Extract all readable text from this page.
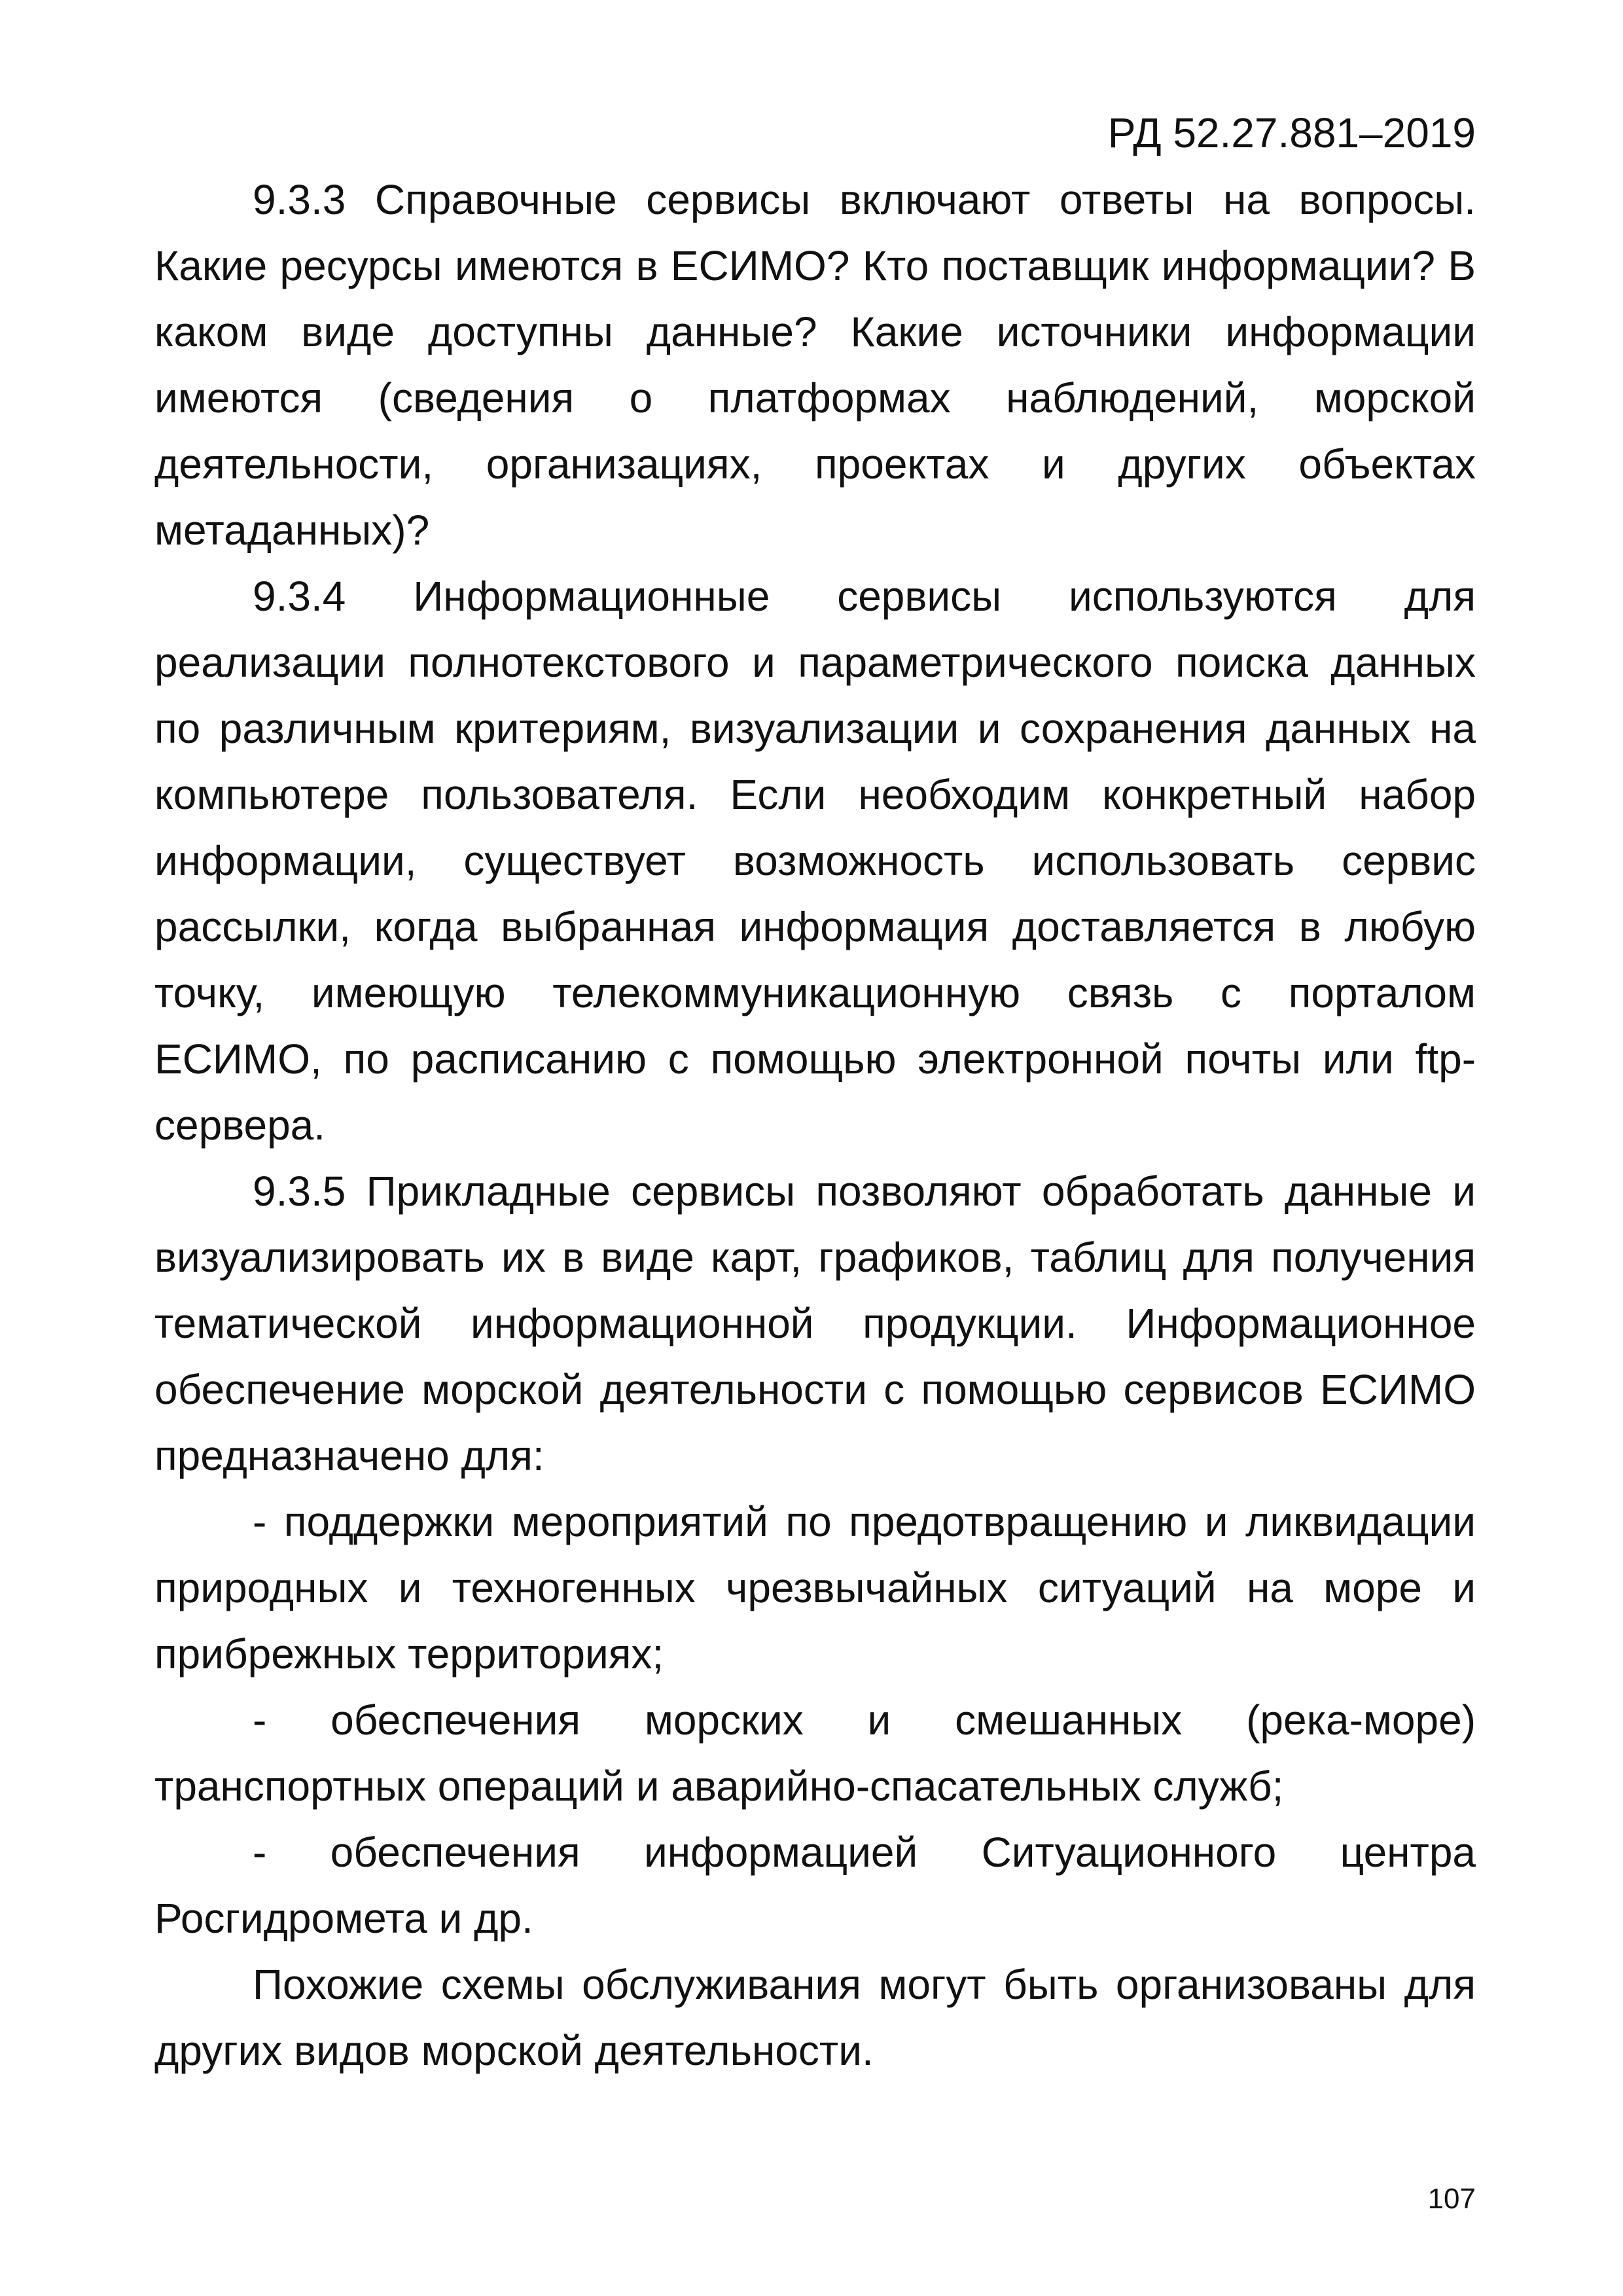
РД 52.27.881–2019

9.3.3 Справочные сервисы включают ответы на вопросы. Какие ресурсы имеются в ЕСИМО? Кто поставщик информации? В каком виде доступны данные? Какие источники информации имеются (сведения о платформах наблюдений, морской деятельности, организациях, проектах и других объектах метаданных)?

9.3.4 Информационные сервисы используются для реализации полнотекстового и параметрического поиска данных по различным критериям, визуализации и сохранения данных на компьютере пользователя. Если необходим конкретный набор информации, существует возможность использовать сервис рассылки, когда выбранная информация доставляется в любую точку, имеющую телекоммуникационную связь с порталом ЕСИМО, по расписанию с помощью электронной почты или ftp-сервера.

9.3.5 Прикладные сервисы позволяют обработать данные и визуализировать их в виде карт, графиков, таблиц для получения тематической информационной продукции. Информационное обеспечение морской деятельности с помощью сервисов ЕСИМО предназначено для:

- поддержки мероприятий по предотвращению и ликвидации природных и техногенных чрезвычайных ситуаций на море и прибрежных территориях;

- обеспечения морских и смешанных (река-море) транспортных операций и аварийно-спасательных служб;

- обеспечения информацией Ситуационного центра Росгидромета и др.

Похожие схемы обслуживания могут быть организованы для других видов морской деятельности.

107
